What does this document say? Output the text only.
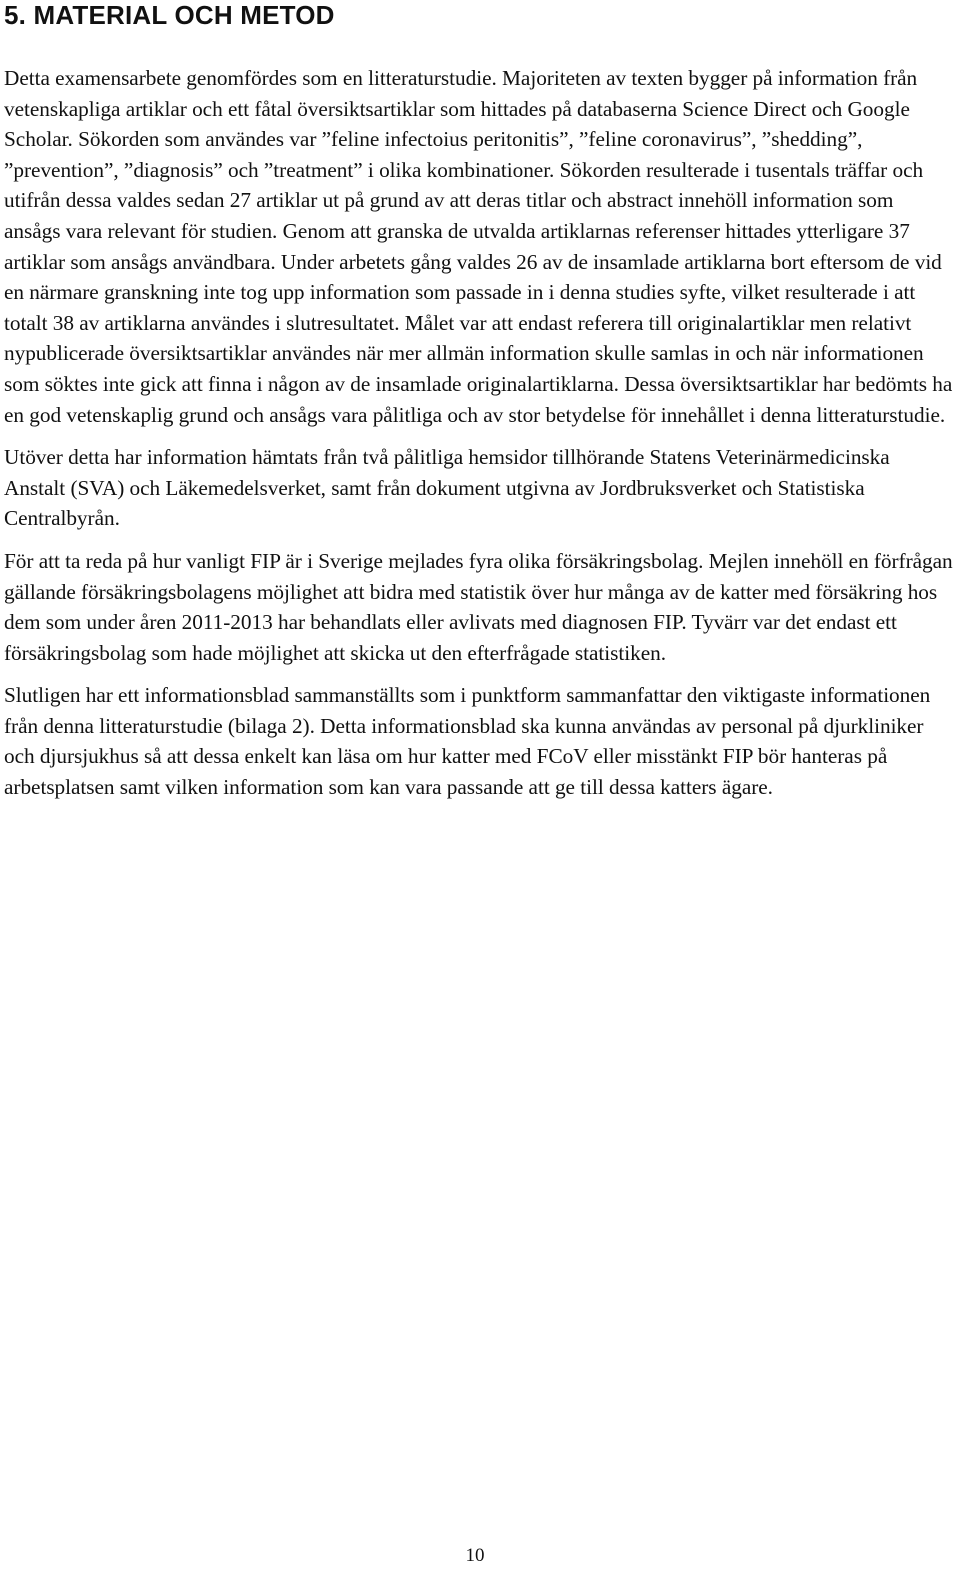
5. MATERIAL OCH METOD

Detta examensarbete genomfördes som en litteraturstudie. Majoriteten av texten bygger på information från vetenskapliga artiklar och ett fåtal översiktsartiklar som hittades på databaserna Science Direct och Google Scholar. Sökorden som användes var ”feline infectoius peritonitis”, ”feline coronavirus”, ”shedding”, ”prevention”, ”diagnosis” och ”treatment” i olika kombinationer. Sökorden resulterade i tusentals träffar och utifrån dessa valdes sedan 27 artiklar ut på grund av att deras titlar och abstract innehöll information som ansågs vara relevant för studien. Genom att granska de utvalda artiklarnas referenser hittades ytterligare 37 artiklar som ansågs användbara. Under arbetets gång valdes 26 av de insamlade artiklarna bort eftersom de vid en närmare granskning inte tog upp information som passade in i denna studies syfte, vilket resulterade i att totalt 38 av artiklarna användes i slutresultatet. Målet var att endast referera till originalartiklar men relativt nypublicerade översiktsartiklar användes när mer allmän information skulle samlas in och när informationen som söktes inte gick att finna i någon av de insamlade originalartiklarna. Dessa översiktsartiklar har bedömts ha en god vetenskaplig grund och ansågs vara pålitliga och av stor betydelse för innehållet i denna litteraturstudie.

Utöver detta har information hämtats från två pålitliga hemsidor tillhörande Statens Veterinärmedicinska Anstalt (SVA) och Läkemedelsverket, samt från dokument utgivna av Jordbruksverket och Statistiska Centralbyrån.

För att ta reda på hur vanligt FIP är i Sverige mejlades fyra olika försäkringsbolag. Mejlen innehöll en förfrågan gällande försäkringsbolagens möjlighet att bidra med statistik över hur många av de katter med försäkring hos dem som under åren 2011-2013 har behandlats eller avlivats med diagnosen FIP. Tyvärr var det endast ett försäkringsbolag som hade möjlighet att skicka ut den efterfrågade statistiken.

Slutligen har ett informationsblad sammanställts som i punktform sammanfattar den viktigaste informationen från denna litteraturstudie (bilaga 2). Detta informationsblad ska kunna användas av personal på djurkliniker och djursjukhus så att dessa enkelt kan läsa om hur katter med FCoV eller misstänkt FIP bör hanteras på arbetsplatsen samt vilken information som kan vara passande att ge till dessa katters ägare.

10
